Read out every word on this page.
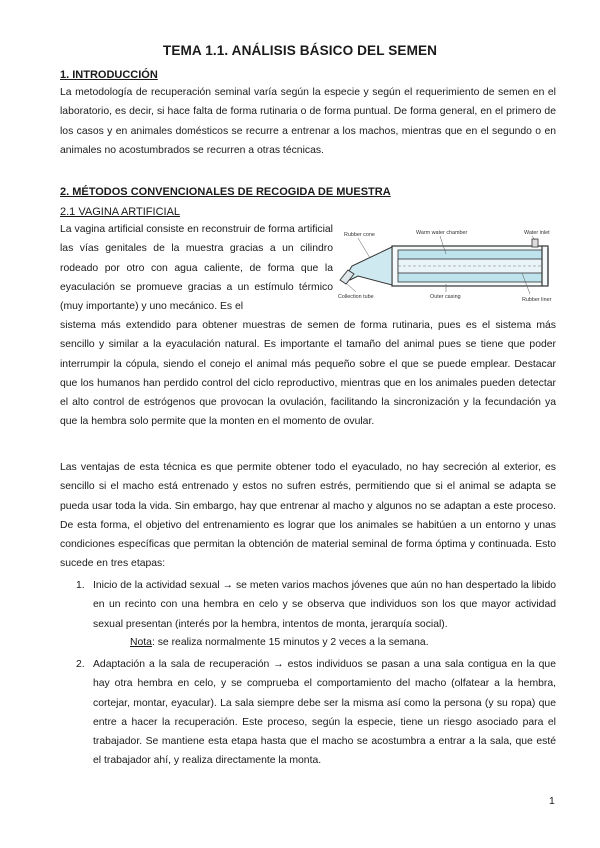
TEMA 1.1. ANÁLISIS BÁSICO DEL SEMEN
1. INTRODUCCIÓN

La metodología de recuperación seminal varía según la especie y según el requerimiento de semen en el laboratorio, es decir, si hace falta de forma rutinaria o de forma puntual. De forma general, en el primero de los casos y en animales domésticos se recurre a entrenar a los machos, mientras que en el segundo o en animales no acostumbrados se recurren a otras técnicas.

2. MÉTODOS CONVENCIONALES DE RECOGIDA DE MUESTRA
2.1 VAGINA ARTIFICIAL

La vagina artificial consiste en reconstruir de forma artificial las vías genitales de la muestra gracias a un cilindro rodeado por otro con agua caliente, de forma que la eyaculación se promueve gracias a un estímulo térmico (muy importante) y uno mecánico. Es el

Rubber cone	Warm water chamber	Water inlet
Collection tube	Outer casing	Rubber liner

sistema más extendido para obtener muestras de semen de forma rutinaria, pues es el sistema más sencillo y similar a la eyaculación natural. Es importante el tamaño del animal pues se tiene que poder interrumpir la cópula, siendo el conejo el animal más pequeño sobre el que se puede emplear. Destacar que los humanos han perdido control del ciclo reproductivo, mientras que en los animales pueden detectar el alto control de estrógenos que provocan la ovulación, facilitando la sincronización y la fecundación ya que la hembra solo permite que la monten en el momento de ovular.

Las ventajas de esta técnica es que permite obtener todo el eyaculado, no hay secreción al exterior, es sencillo si el macho está entrenado y estos no sufren estrés, permitiendo que si el animal se adapta se pueda usar toda la vida. Sin embargo, hay que entrenar al macho y algunos no se adaptan a este proceso. De esta forma, el objetivo del entrenamiento es lograr que los animales se habitúen a un entorno y unas condiciones específicas que permitan la obtención de material seminal de forma óptima y continuada. Esto sucede en tres etapas:

1. Inicio de la actividad sexual → se meten varios machos jóvenes que aún no han despertado la libido en un recinto con una hembra en celo y se observa que individuos son los que mayor actividad sexual presentan (interés por la hembra, intentos de monta, jerarquía social).

Nota: se realiza normalmente 15 minutos y 2 veces a la semana.
2. Adaptación a la sala de recuperación → estos individuos se pasan a una sala contigua en la que hay otra hembra en celo, y se comprueba el comportamiento del macho (olfatear a la hembra, cortejar, montar, eyacular). La sala siempre debe ser la misma así como la persona (y su ropa) que entre a hacer la recuperación. Este proceso, según la especie, tiene un riesgo asociado para el trabajador. Se mantiene esta etapa hasta que el macho se acostumbra a entrar a la sala, que esté el trabajador ahí, y realiza directamente la monta.

1
